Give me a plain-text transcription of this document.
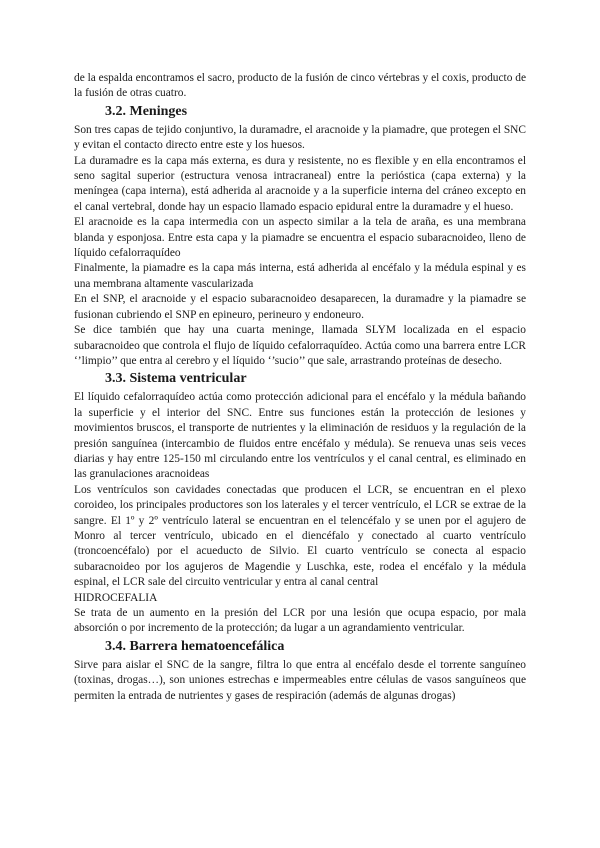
de la espalda encontramos el sacro, producto de la fusión de cinco vértebras y el coxis, producto de la fusión de otras cuatro.

3.2. Meninges

Son tres capas de tejido conjuntivo, la duramadre, el aracnoide y la piamadre, que protegen el SNC y evitan el contacto directo entre este y los huesos.

La duramadre es la capa más externa, es dura y resistente, no es flexible y en ella encontramos el seno sagital superior (estructura venosa intracraneal) entre la perióstica (capa externa) y la meníngea (capa interna), está adherida al aracnoide y a la superficie interna del cráneo excepto en el canal vertebral, donde hay un espacio llamado espacio epidural entre la duramadre y el hueso.

El aracnoide es la capa intermedia con un aspecto similar a la tela de araña, es una membrana blanda y esponjosa. Entre esta capa y la piamadre se encuentra el espacio subaracnoideo, lleno de líquido cefalorraquídeo

Finalmente, la piamadre es la capa más interna, está adherida al encéfalo y la médula espinal y es una membrana altamente vascularizada

En el SNP, el aracnoide y el espacio subaracnoideo desaparecen, la duramadre y la piamadre se fusionan cubriendo el SNP en epineuro, perineuro y endoneuro.

Se dice también que hay una cuarta meninge, llamada SLYM localizada en el espacio subaracnoideo que controla el flujo de líquido cefalorraquídeo. Actúa como una barrera entre LCR ‘’limpio’’ que entra al cerebro y el líquido ‘’sucio’’ que sale, arrastrando proteínas de desecho.

3.3. Sistema ventricular

El líquido cefalorraquídeo actúa como protección adicional para el encéfalo y la médula bañando la superficie y el interior del SNC. Entre sus funciones están la protección de lesiones y movimientos bruscos, el transporte de nutrientes y la eliminación de residuos y la regulación de la presión sanguínea (intercambio de fluidos entre encéfalo y médula). Se renueva unas seis veces diarias y hay entre 125-150 ml circulando entre los ventrículos y el canal central, es eliminado en las granulaciones aracnoideas

Los ventrículos son cavidades conectadas que producen el LCR, se encuentran en el plexo coroideo, los principales productores son los laterales y el tercer ventrículo, el LCR se extrae de la sangre. El 1º y 2º ventrículo lateral se encuentran en el telencéfalo y se unen por el agujero de Monro al tercer ventrículo, ubicado en el diencéfalo y conectado al cuarto ventrículo (troncoencéfalo) por el acueducto de Silvio. El cuarto ventrículo se conecta al espacio subaracnoideo por los agujeros de Magendie y Luschka, este, rodea el encéfalo y la médula espinal, el LCR sale del circuito ventricular y entra al canal central

HIDROCEFALIA

Se trata de un aumento en la presión del LCR por una lesión que ocupa espacio, por mala absorción o por incremento de la protección; da lugar a un agrandamiento ventricular.

3.4. Barrera hematoencefálica

Sirve para aislar el SNC de la sangre, filtra lo que entra al encéfalo desde el torrente sanguíneo (toxinas, drogas…), son uniones estrechas e impermeables entre células de vasos sanguíneos que permiten la entrada de nutrientes y gases de respiración (además de algunas drogas)
